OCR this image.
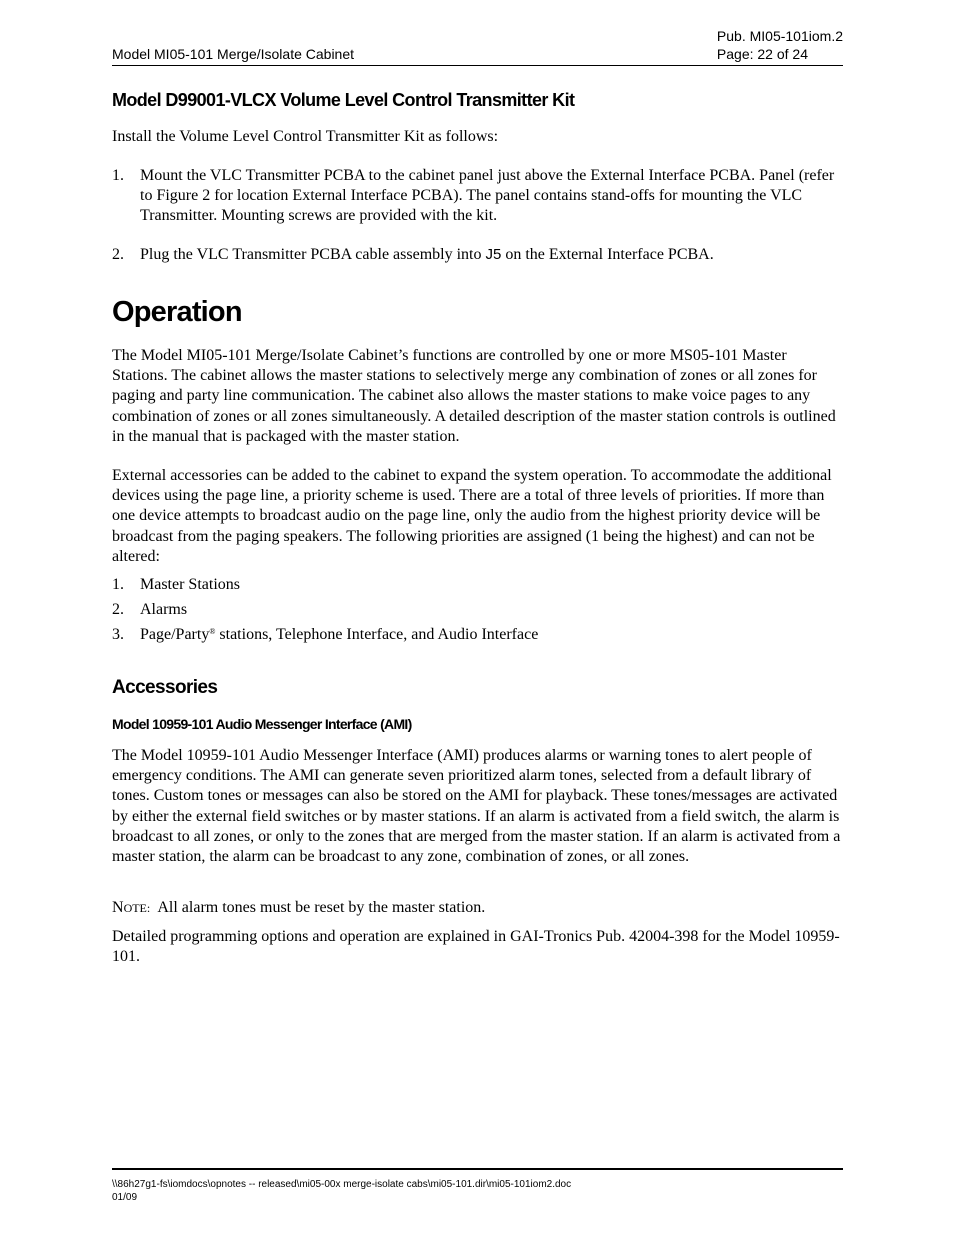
Model MI05-101 Merge/Isolate Cabinet
Pub. MI05-101iom.2
Page: 22 of 24
Model D99001-VLCX Volume Level Control Transmitter Kit

Install the Volume Level Control Transmitter Kit as follows:

1. Mount the VLC Transmitter PCBA to the cabinet panel just above the External Interface PCBA. Panel (refer to Figure 2 for location External Interface PCBA). The panel contains stand-offs for mounting the VLC Transmitter. Mounting screws are provided with the kit.
2. Plug the VLC Transmitter PCBA cable assembly into J5 on the External Interface PCBA.
Operation

The Model MI05-101 Merge/Isolate Cabinet’s functions are controlled by one or more MS05-101 Master Stations. The cabinet allows the master stations to selectively merge any combination of zones or all zones for paging and party line communication. The cabinet also allows the master stations to make voice pages to any combination of zones or all zones simultaneously. A detailed description of the master station controls is outlined in the manual that is packaged with the master station.

External accessories can be added to the cabinet to expand the system operation. To accommodate the additional devices using the page line, a priority scheme is used. There are a total of three levels of priorities. If more than one device attempts to broadcast audio on the page line, only the audio from the highest priority device will be broadcast from the paging speakers. The following priorities are assigned (1 being the highest) and can not be altered:

1. Master Stations
2. Alarms
3. Page/Party® stations, Telephone Interface, and Audio Interface
Accessories
Model 10959-101 Audio Messenger Interface (AMI)

The Model 10959-101 Audio Messenger Interface (AMI) produces alarms or warning tones to alert people of emergency conditions. The AMI can generate seven prioritized alarm tones, selected from a default library of tones. Custom tones or messages can also be stored on the AMI for playback. These tones/messages are activated by either the external field switches or by master stations. If an alarm is activated from a field switch, the alarm is broadcast to all zones, or only to the zones that are merged from the master station. If an alarm is activated from a master station, the alarm can be broadcast to any zone, combination of zones, or all zones.

NOTE:  All alarm tones must be reset by the master station.

Detailed programming options and operation are explained in GAI-Tronics Pub. 42004-398 for the Model 10959-101.

\\86h27g1-fs\iomdocs\opnotes -- released\mi05-00x merge-isolate cabs\mi05-101.dir\mi05-101iom2.doc
01/09
